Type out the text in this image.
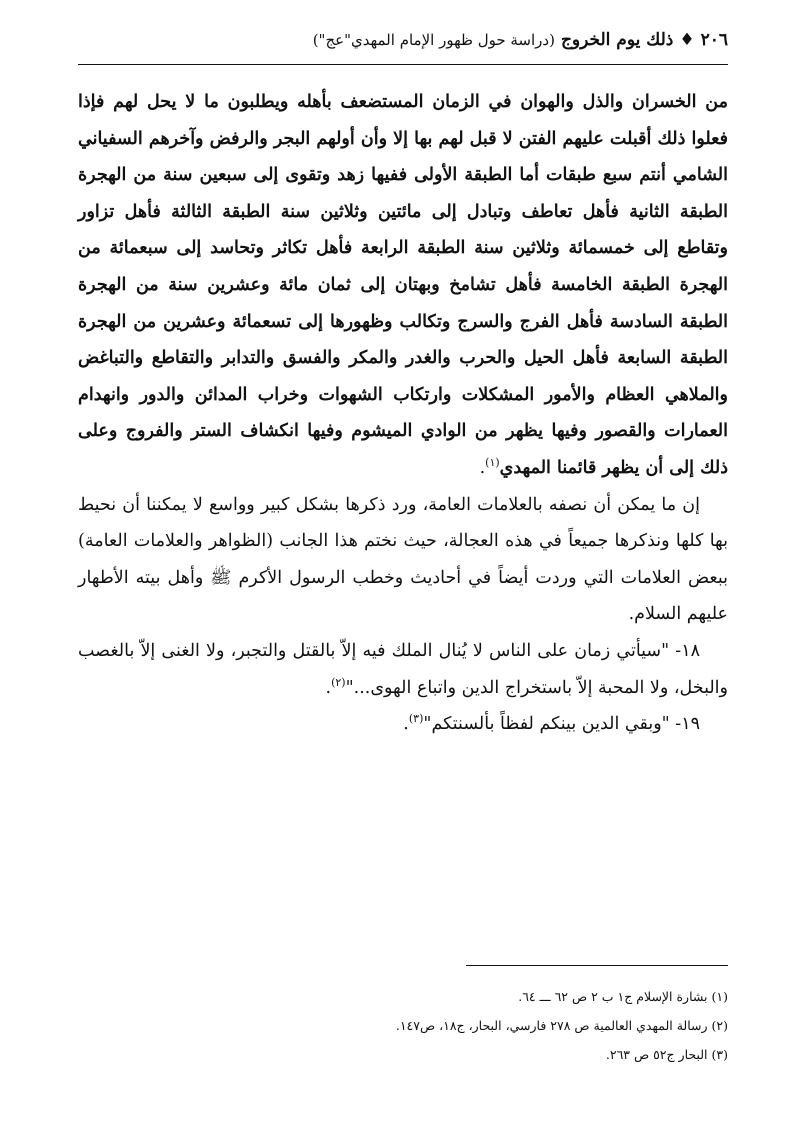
٢٠٦
♦
ذلك يوم الخروج
(دراسة حول ظهور الإمام المهدي"عج")

من الخسران والذل والهوان في الزمان المستضعف بأهله ويطلبون ما لا يحل لهم فإذا فعلوا ذلك أقبلت عليهم الفتن لا قبل لهم بها إلا وأن أولهم البجر والرفض وآخرهم السفياني الشامي أنتم سبع طبقات أما الطبقة الأولى ففيها زهد وتقوى إلى سبعين سنة من الهجرة الطبقة الثانية فأهل تعاطف وتبادل إلى مائتين وثلاثين سنة الطبقة الثالثة فأهل تزاور وتقاطع إلى خمسمائة وثلاثين سنة الطبقة الرابعة فأهل تكاثر وتحاسد إلى سبعمائة من الهجرة الطبقة الخامسة فأهل تشامخ وبهتان إلى ثمان مائة وعشرين سنة من الهجرة الطبقة السادسة فأهل الفرج والسرج وتكالب وظهورها إلى تسعمائة وعشرين من الهجرة الطبقة السابعة فأهل الحيل والحرب والغدر والمكر والفسق والتدابر والتقاطع والتباغض والملاهي العظام والأمور المشكلات وارتكاب الشهوات وخراب المدائن والدور وانهدام العمارات والقصور وفيها يظهر من الوادي الميشوم وفيها انكشاف الستر والفروج وعلى ذلك إلى أن يظهر قائمنا المهدي$^{(١)}$.

إن ما يمكن أن نصفه بالعلامات العامة، ورد ذكرها بشكل كبير وواسع لا يمكننا أن نحيط بها كلها ونذكرها جميعاً في هذه العجالة، حيث نختم هذا الجانب (الظواهر والعلامات العامة) ببعض العلامات التي وردت أيضاً في أحاديث وخطب الرسول الأكرم ﷺ وأهل بيته الأطهار عليهم السلام.

١٨- "سيأتي زمان على الناس لا يُنال الملك فيه إلاّ بالقتل والتجبر، ولا الغنى إلاّ بالغصب والبخل، ولا المحبة إلاّ باستخراج الدين واتباع الهوى..."$^{(٢)}$.

١٩- "وبقي الدين بينكم لفظاً بألسنتكم"$^{(٣)}$.

(١) بشارة الإسلام ج١ ب ٢ ص ٦٢ ـــ ٦٤.
(٢) رسالة المهدي العالمية ص ٢٧٨ فارسي، البحار، ج١٨، ص١٤٧.
(٣) البحار ج٥٢ ص ٢٦٣.
